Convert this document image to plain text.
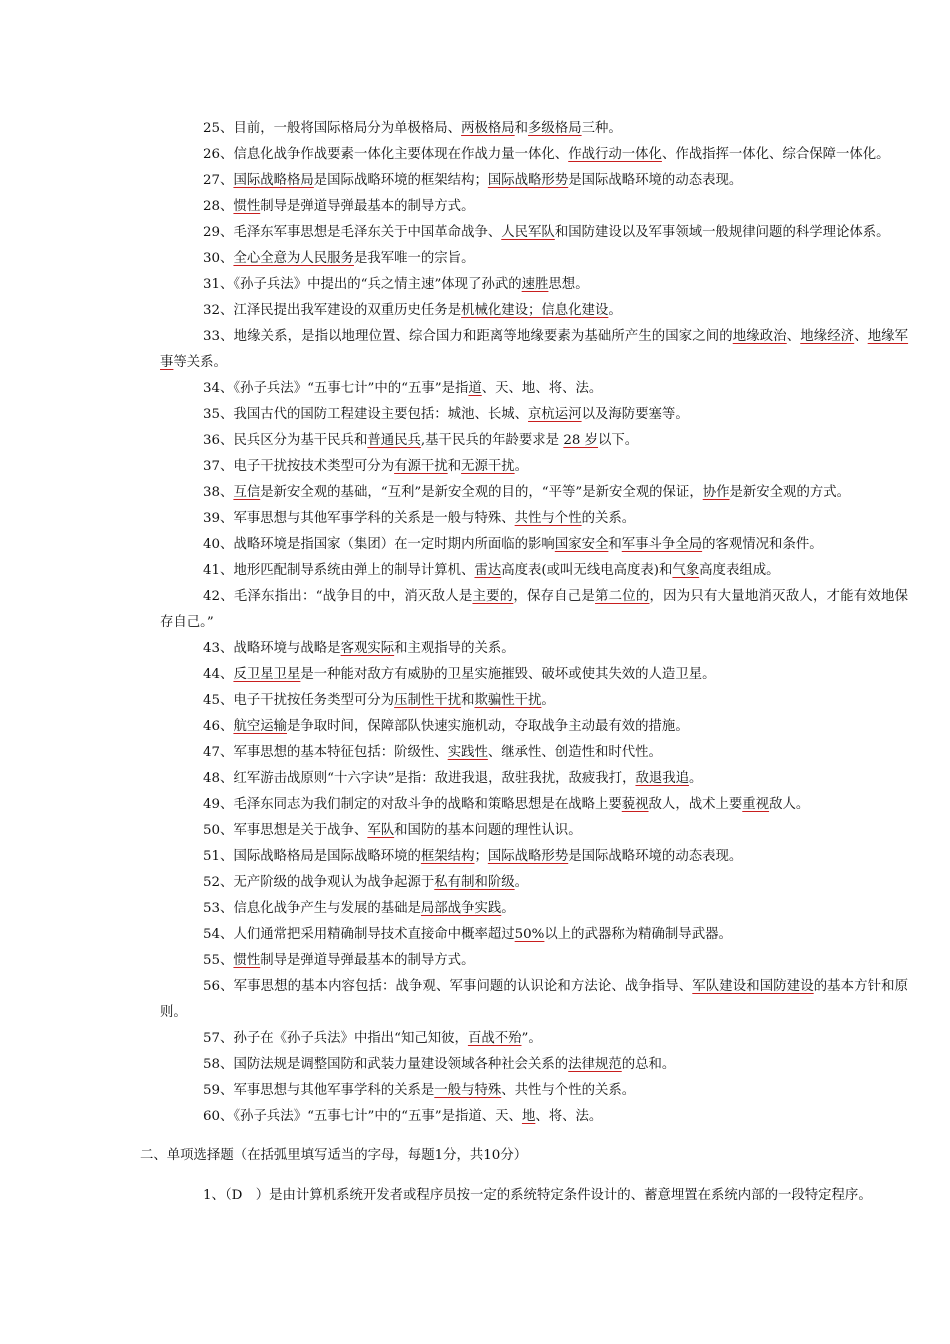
25、目前，一般将国际格局分为单极格局、两极格局和多级格局三种。

26、信息化战争作战要素一体化主要体现在作战力量一体化、作战行动一体化、作战指挥一体化、综合保障一体化。

27、国际战略格局是国际战略环境的框架结构；国际战略形势是国际战略环境的动态表现。

28、惯性制导是弹道导弹最基本的制导方式。

29、毛泽东军事思想是毛泽东关于中国革命战争、人民军队和国防建设以及军事领域一般规律问题的科学理论体系。

30、全心全意为人民服务是我军唯一的宗旨。

31、《孙子兵法》中提出的“兵之情主速”体现了孙武的速胜思想。

32、江泽民提出我军建设的双重历史任务是机械化建设；信息化建设。

33、地缘关系，是指以地理位置、综合国力和距离等地缘要素为基础所产生的国家之间的地缘政治、地缘经济、地缘军事等关系。

34、《孙子兵法》“五事七计”中的“五事”是指道、天、地、将、法。

35、我国古代的国防工程建设主要包括：城池、长城、京杭运河以及海防要塞等。

36、民兵区分为基干民兵和普通民兵,基干民兵的年龄要求是 28 岁以下。

37、电子干扰按技术类型可分为有源干扰和无源干扰。

38、互信是新安全观的基础，“互利”是新安全观的目的，“平等”是新安全观的保证，协作是新安全观的方式。

39、军事思想与其他军事学科的关系是一般与特殊、共性与个性的关系。

40、战略环境是指国家（集团）在一定时期内所面临的影响国家安全和军事斗争全局的客观情况和条件。

41、地形匹配制导系统由弹上的制导计算机、雷达高度表(或叫无线电高度表)和气象高度表组成。

42、毛泽东指出：“战争目的中，消灭敌人是主要的，保存自己是第二位的，因为只有大量地消灭敌人，才能有效地保存自己。”

43、战略环境与战略是客观实际和主观指导的关系。

44、反卫星卫星是一种能对敌方有威胁的卫星实施摧毁、破坏或使其失效的人造卫星。

45、电子干扰按任务类型可分为压制性干扰和欺骗性干扰。

46、航空运输是争取时间，保障部队快速实施机动，夺取战争主动最有效的措施。

47、军事思想的基本特征包括：阶级性、实践性、继承性、创造性和时代性。

48、红军游击战原则“十六字诀”是指：敌进我退，敌驻我扰，敌疲我打，敌退我追。

49、毛泽东同志为我们制定的对敌斗争的战略和策略思想是在战略上要藐视敌人，战术上要重视敌人。

50、军事思想是关于战争、军队和国防的基本问题的理性认识。

51、国际战略格局是国际战略环境的框架结构；国际战略形势是国际战略环境的动态表现。

52、无产阶级的战争观认为战争起源于私有制和阶级。

53、信息化战争产生与发展的基础是局部战争实践。

54、人们通常把采用精确制导技术直接命中概率超过50%以上的武器称为精确制导武器。

55、惯性制导是弹道导弹最基本的制导方式。

56、军事思想的基本内容包括：战争观、军事问题的认识论和方法论、战争指导、军队建设和国防建设的基本方针和原则。

57、孙子在《孙子兵法》中指出“知己知彼，百战不殆”。

58、国防法规是调整国防和武装力量建设领域各种社会关系的法律规范的总和。

59、军事思想与其他军事学科的关系是一般与特殊、共性与个性的关系。

60、《孙子兵法》“五事七计”中的“五事”是指道、天、地、将、法。

二、单项选择题（在括弧里填写适当的字母，每题1分，共10分）

1、（D　）是由计算机系统开发者或程序员按一定的系统特定条件设计的、蓄意埋置在系统内部的一段特定程序。
